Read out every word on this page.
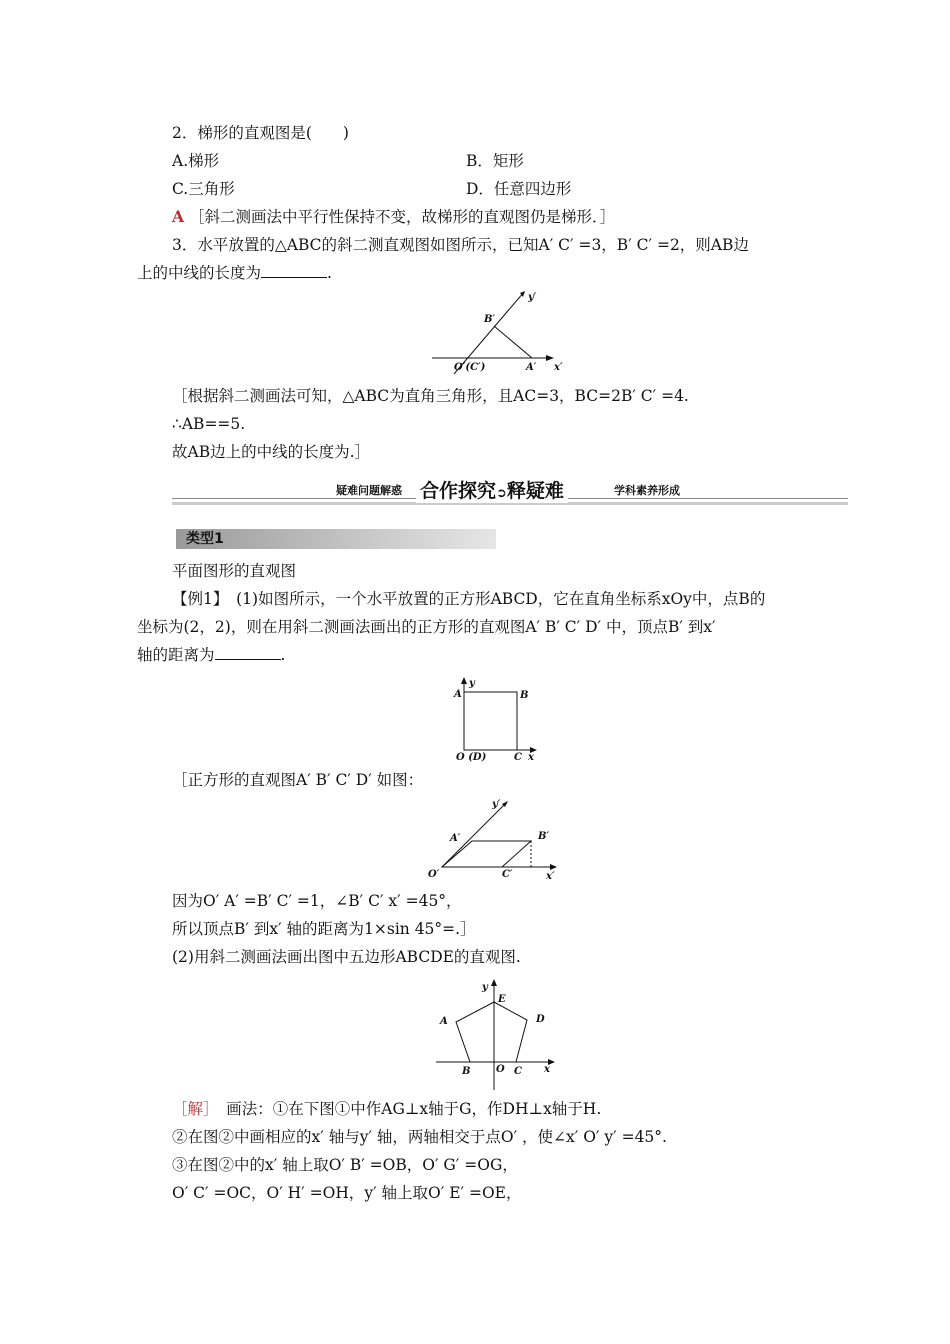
2．梯形的直观图是(　　)
A.梯形	B．矩形
C.三角形	D．任意四边形
A ［斜二测画法中平行性保持不变，故梯形的直观图仍是梯形．］
3．水平放置的△ABC的斜二测直观图如图所示，已知A′ C′ =3，B′ C′ =2，则AB边
上的中线的长度为	.
y′
x′
B′
O′(C′)	A′
［根据斜二测画法可知，△ABC为直角三角形，且AC=3，BC=2B′ C′ =4.
∴AB==5.
故AB边上的中线的长度为.］
疑难问题解惑 合作探究➲释疑难	学科素养形成
类型1
平面图形的直观图
【例1】　(1)如图所示，一个水平放置的正方形ABCD，它在直角坐标系xOy中，点B的
坐标为(2，2)，则在用斜二测画法画出的正方形的直观图A′ B′ C′ D′ 中，顶点B′ 到x′
轴的距离为	.
y
A	B
O (D)	C x
［正方形的直观图A′ B′ C′ D′ 如图：
y′
A′	B′
O′	C′	x′
因为O′ A′ =B′ C′ =1，∠B′ C′ x′ =45°，
所以顶点B′ 到x′ 轴的距离为1×sin 45°=.］
(2)用斜二测画法画出图中五边形ABCDE的直观图.
y
E
A	D
B	O C x
［解］　画法：①在下图①中作AG⊥x轴于G，作DH⊥x轴于H.
②在图②中画相应的x′ 轴与y′ 轴，两轴相交于点O′ ，使∠x′ O′ y′ =45°.
③在图②中的x′ 轴上取O′ B′ =OB，O′ G′ =OG，
O′ C′ =OC，O′ H′ =OH，y′ 轴上取O′ E′ =OE，
